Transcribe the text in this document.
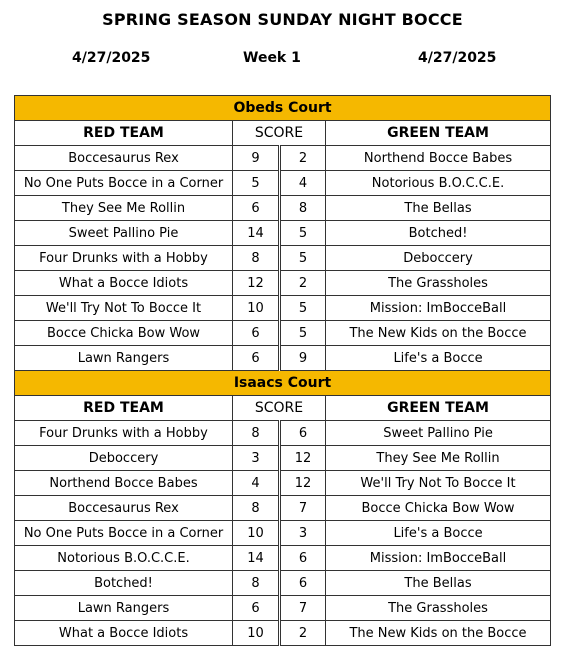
SPRING SEASON SUNDAY NIGHT BOCCE
4/27/2025	Week 1	4/27/2025
Obeds Court			
RED TEAM	SCORE		GREEN TEAM
Boccesaurus Rex	9	2	Northend Bocce Babes
No One Puts Bocce in a Corner	5	4	Notorious B.O.C.C.E.
They See Me Rollin	6	8	The Bellas
Sweet Pallino Pie	14	5	Botched!
Four Drunks with a Hobby	8	5	Deboccery
What a Bocce Idiots	12	2	The Grassholes
We'll Try Not To Bocce It	10	5	Mission: ImBocceBall
Bocce Chicka Bow Wow	6	5	The New Kids on the Bocce
Lawn Rangers	6	9	Life's a Bocce
Isaacs Court			
RED TEAM	SCORE		GREEN TEAM
Four Drunks with a Hobby	8	6	Sweet Pallino Pie
Deboccery	3	12	They See Me Rollin
Northend Bocce Babes	4	12	We'll Try Not To Bocce It
Boccesaurus Rex	8	7	Bocce Chicka Bow Wow
No One Puts Bocce in a Corner	10	3	Life's a Bocce
Notorious B.O.C.C.E.	14	6	Mission: ImBocceBall
Botched!	8	6	The Bellas
Lawn Rangers	6	7	The Grassholes
What a Bocce Idiots	10	2	The New Kids on the Bocce
